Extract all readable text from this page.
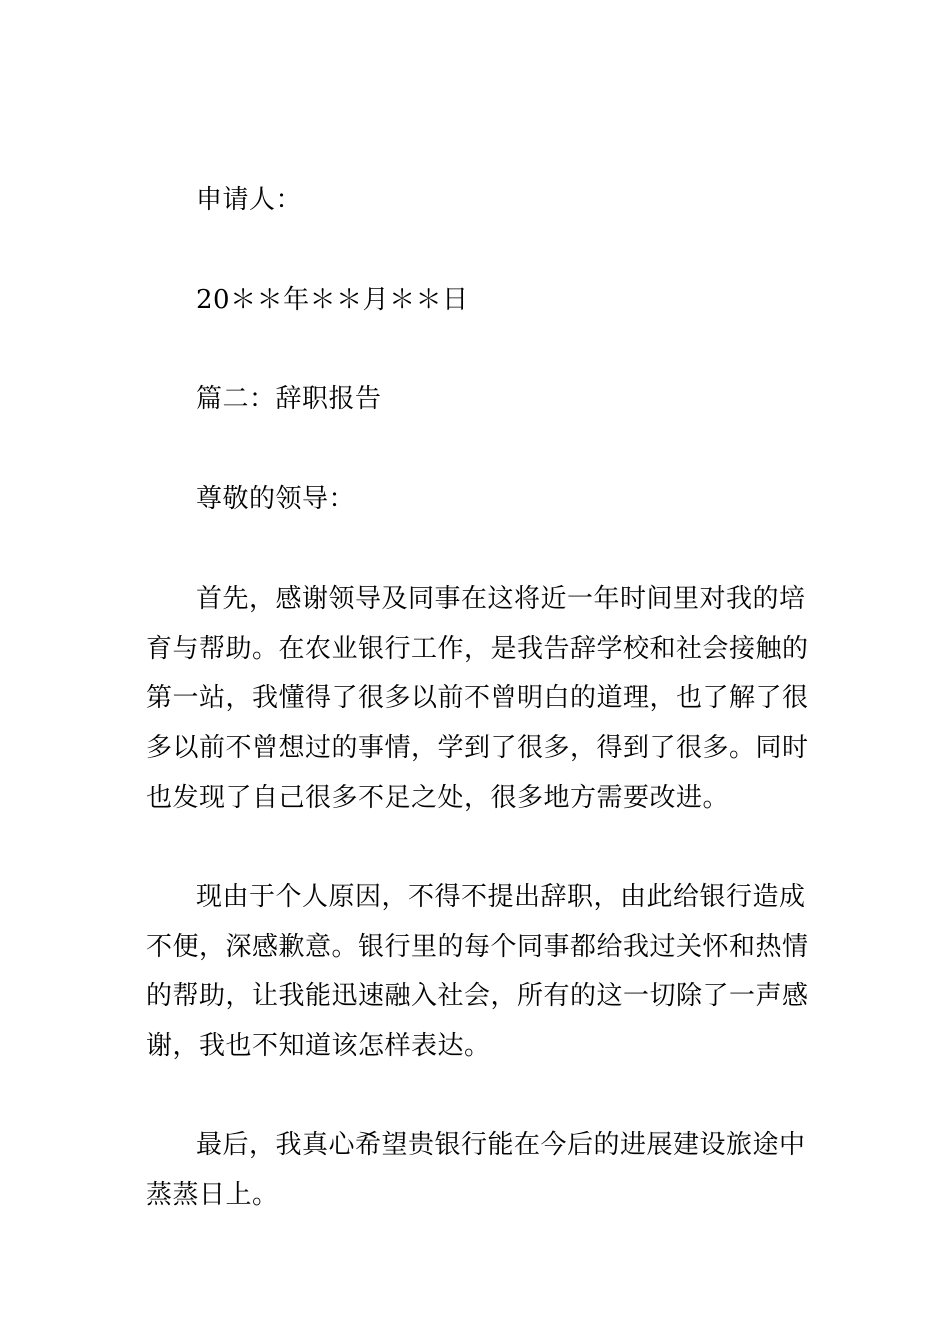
申请人：
20＊＊年＊＊月＊＊日
篇二：辞职报告
尊敬的领导：
首先，感谢领导及同事在这将近一年时间里对我的培
育与帮助。在农业银行工作，是我告辞学校和社会接触的
第一站，我懂得了很多以前不曾明白的道理，也了解了很
多以前不曾想过的事情，学到了很多，得到了很多。同时
也发现了自己很多不足之处，很多地方需要改进。
现由于个人原因，不得不提出辞职，由此给银行造成
不便，深感歉意。银行里的每个同事都给我过关怀和热情
的帮助，让我能迅速融入社会，所有的这一切除了一声感
谢，我也不知道该怎样表达。
最后，我真心希望贵银行能在今后的进展建设旅途中
蒸蒸日上。
